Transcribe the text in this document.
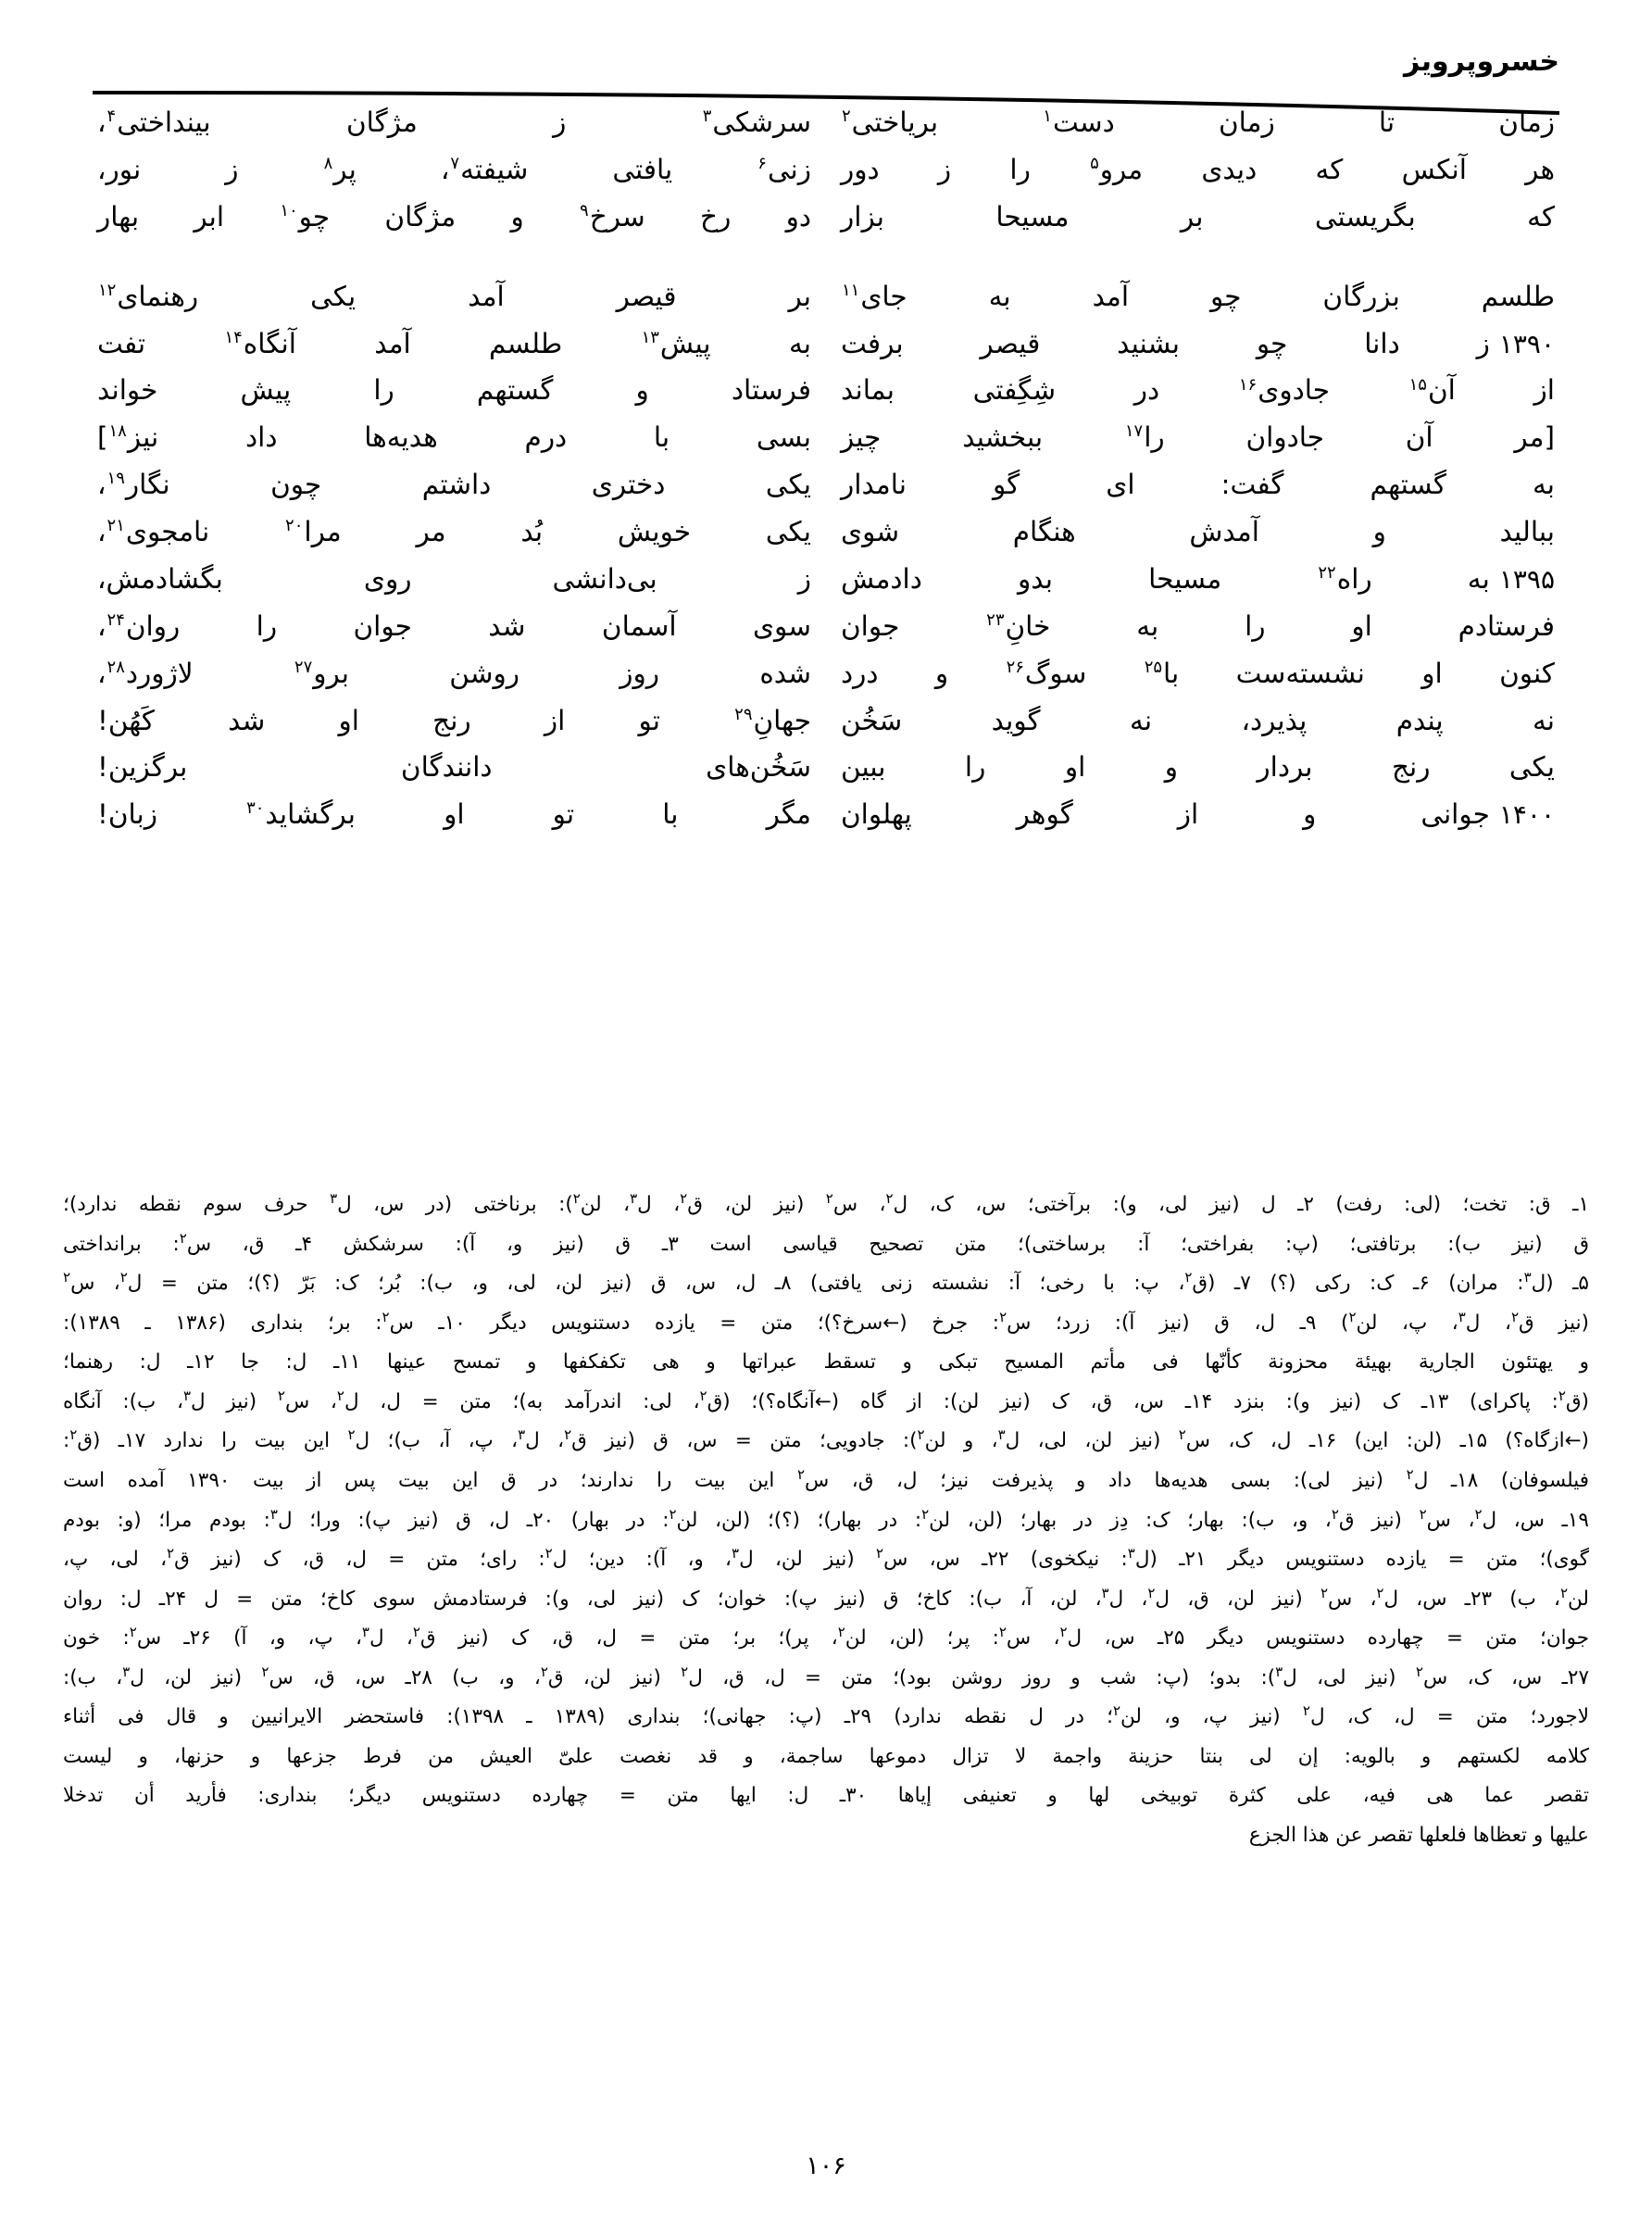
خسروپرویز
زمان تا زمان دست$^۱$ بریاختی$^۲$
سرشکی$^۳$ ز مژگان بینداختی$^۴$،
هر آنکس که دیدی مرو$^۵$ را ز دور
زنی$^۶$ یافتی شیفته$^۷$، پر$^۸$ ز نور،
که بگریستی بر مسیحا بزار
دو رخ سرخ$^۹$ و مژگان چو$^{۱۰}$ ابر بهار
طلسم بزرگان چو آمد به جای$^{۱۱}$
بر قیصر آمد یکی رهنمای$^{۱۲}$
۱۳۹۰ز دانا چو بشنید قیصر برفت
به پیش$^{۱۳}$ طلسم آمد آنگاه$^{۱۴}$ تفت
از آن$^{۱۵}$ جادوی$^{۱۶}$ در شِگِفتی بماند
فرستاد و گستهم را پیش خواند
[مر آن جادوان را$^{۱۷}$ ببخشید چیز
بسی با درم هدیه‌ها داد نیز$^{۱۸}$]
به گستهم گفت: ای گو نامدار
یکی دختری داشتم چون نگار$^{۱۹}$،
ببالید و آمدش هنگام شوی
یکی خویش بُد مر مرا$^{۲۰}$ نامجوی$^{۲۱}$،
۱۳۹۵به راه$^{۲۲}$ مسیحا بدو دادمش
ز بی‌دانشی روی بگشادمش،
فرستادم او را به خانِ$^{۲۳}$ جوان
سوی آسمان شد جوان را روان$^{۲۴}$،
کنون او نشسته‌ست با$^{۲۵}$ سوگ$^{۲۶}$ و درد
شده روز روشن برو$^{۲۷}$ لاژورد$^{۲۸}$،
نه پندم پذیرد، نه گوید سَخُن
جهانِ$^{۲۹}$ تو از رنج او شد کَهُن!
یکی رنج بردار و او را ببین
سَخُن‌های دانندگان برگزین!
۱۴۰۰جوانی و از گوهر پهلوان
مگر با تو او برگشاید$^{۳۰}$ زبان!

۱ـ ق: تخت؛ (لی: رفت) ۲ـ ل (نیز لی، و): برآختی؛ س، ک، ل$^۲$، س$^۲$ (نیز لن، ق$^۲$، ل$^۳$، لن$^۲$): برناختی (در س، ل$^۳$ حرف سوم نقطه ندارد)؛

ق (نیز ب): برتافتی؛ (پ: بفراختی؛ آ: برساختی)؛ متن تصحیح قیاسی است ۳ـ ق (نیز و، آ): سرشکش ۴ـ ق، س$^۲$: برانداختی

۵ـ (ل$^۳$: مران) ۶ـ ک: رکی (؟) ۷ـ (ق$^۲$، پ: با رخی؛ آ: نشسته زنی یافتی) ۸ـ ل، س، ق (نیز لن، لی، و، ب): بُر؛ ک: بَرّ (؟)؛ متن = ل$^۲$، س$^۲$

(نیز ق$^۲$، ل$^۳$، پ، لن$^۲$) ۹ـ ل، ق (نیز آ): زرد؛ س$^۲$: جرخ (←سرخ؟)؛ متن = یازده دستنویس دیگر ۱۰ـ س$^۲$: بر؛ بنداری (۱۳۸۶ ـ ۱۳۸۹):

و یهتئون الجاریة بهیئة محزونة کأنّها فی مأتم المسیح تبکی و تسقط عبراتها و هی تکفکفها و تمسح عینها ۱۱ـ ل: جا ۱۲ـ ل: رهنما؛

(ق$^۲$: پاکرای) ۱۳ـ ک (نیز و): بنزد ۱۴ـ س، ق، ک (نیز لن): از گاه (←آنگاه؟)؛ (ق$^۲$، لی: اندرآمد به)؛ متن = ل، ل$^۲$، س$^۲$ (نیز ل$^۳$، ب): آنگاه

(←ازگاه؟) ۱۵ـ (لن: این) ۱۶ـ ل، ک، س$^۲$ (نیز لن، لی، ل$^۳$، و لن$^۲$): جادویی؛ متن = س، ق (نیز ق$^۲$، ل$^۳$، پ، آ، ب)؛ ل$^۲$ این بیت را ندارد ۱۷ـ (ق$^۲$:

فیلسوفان) ۱۸ـ ل$^۲$ (نیز لی): بسی هدیه‌ها داد و پذیرفت نیز؛ ل، ق، س$^۲$ این بیت را ندارند؛ در ق این بیت پس از بیت ۱۳۹۰ آمده است

۱۹ـ س، ل$^۲$، س$^۲$ (نیز ق$^۲$، و، ب): بهار؛ ک: دِز در بهار؛ (لن، لن$^۲$: در بهار)؛ (؟)؛ (لن، لن$^۲$: در بهار) ۲۰ـ ل، ق (نیز پ): ورا؛ ل$^۳$: بودم مرا؛ (و: بودم

گوی)؛ متن = یازده دستنویس دیگر ۲۱ـ (ل$^۳$: نیکخوی) ۲۲ـ س، س$^۲$ (نیز لن، ل$^۳$، و، آ): دین؛ ل$^۲$: رای؛ متن = ل، ق، ک (نیز ق$^۲$، لی، پ،

لن$^۲$، ب) ۲۳ـ س، ل$^۲$، س$^۲$ (نیز لن، ق، ل$^۲$، ل$^۳$، لن، آ، ب): کاخ؛ ق (نیز پ): خوان؛ ک (نیز لی، و): فرستادمش سوی کاخ؛ متن = ل ۲۴ـ ل: روان

جوان؛ متن = چهارده دستنویس دیگر ۲۵ـ س، ل$^۲$، س$^۲$: پر؛ (لن، لن$^۲$، پر)؛ بر؛ متن = ل، ق، ک (نیز ق$^۲$، ل$^۳$، پ، و، آ) ۲۶ـ س$^۲$: خون

۲۷ـ س، ک، س$^۲$ (نیز لی، ل$^۳$): بدو؛ (پ: شب و روز روشن بود)؛ متن = ل، ق، ل$^۲$ (نیز لن، ق$^۲$، و، ب) ۲۸ـ س، ق، س$^۲$ (نیز لن، ل$^۳$، ب):

لاجورد؛ متن = ل، ک، ل$^۲$ (نیز پ، و، لن$^۲$؛ در ل نقطه ندارد) ۲۹ـ (پ: جهانی)؛ بنداری (۱۳۸۹ ـ ۱۳۹۸): فاستحضر الایرانیین و قال فی أثناء

کلامه لکستهم و بالویه: إن لی بنتا حزینة واجمة لا تزال دموعها ساجمة، و قد نغصت علیّ العیش من فرط جزعها و حزنها، و لیست

تقصر عما هی فیه، علی کثرة توبیخی لها و تعنیفی إیاها ۳۰ـ ل: ایها متن = چهارده دستنویس دیگر؛ بنداری: فأرید أن تدخلا

علیها و تعظاها فلعلها تقصر عن هذا الجزع

۱۰۶
